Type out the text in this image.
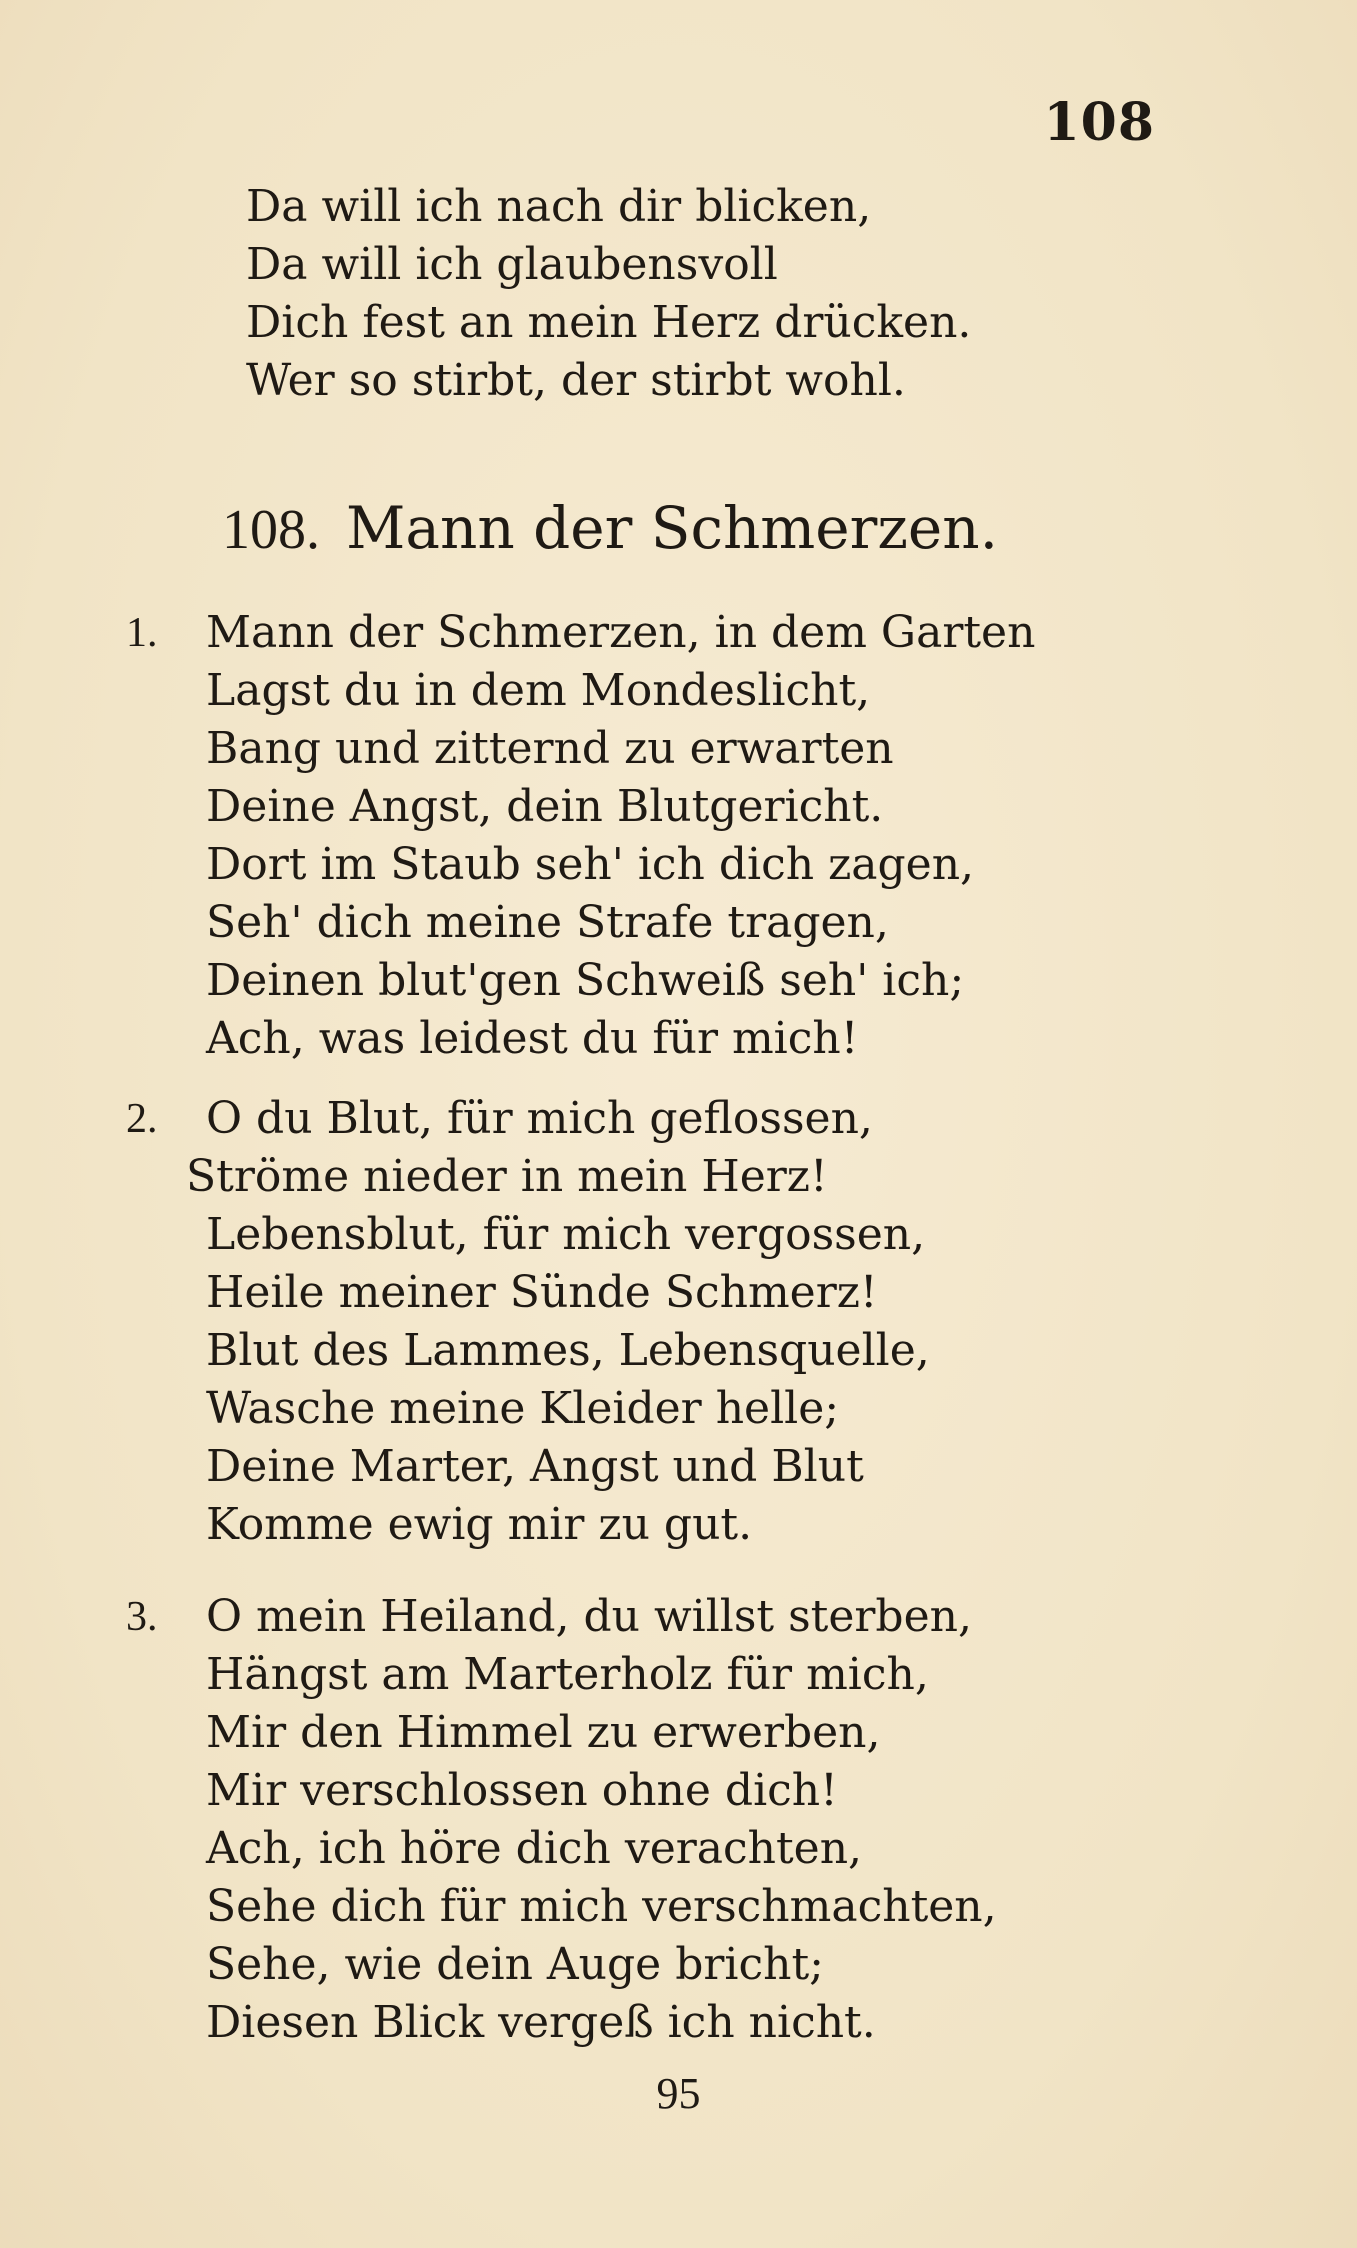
108
Da will ich nach dir blicken,
Da will ich glaubensvoll
Dich fest an mein Herz drücken.
Wer so stirbt, der stirbt wohl.
108. Mann der Schmerzen.
1. Mann der Schmerzen, in dem Garten
Lagst du in dem Mondeslicht,
Bang und zitternd zu erwarten
Deine Angst, dein Blutgericht.
Dort im Staub seh' ich dich zagen,
Seh' dich meine Strafe tragen,
Deinen blut'gen Schweiß seh' ich;
Ach, was leidest du für mich!
2. O du Blut, für mich geflossen,
Ströme nieder in mein Herz!
Lebensblut, für mich vergossen,
Heile meiner Sünde Schmerz!
Blut des Lammes, Lebensquelle,
Wasche meine Kleider helle;
Deine Marter, Angst und Blut
Komme ewig mir zu gut.
3. O mein Heiland, du willst sterben,
Hängst am Marterholz für mich,
Mir den Himmel zu erwerben,
Mir verschlossen ohne dich!
Ach, ich höre dich verachten,
Sehe dich für mich verschmachten,
Sehe, wie dein Auge bricht;
Diesen Blick vergeß ich nicht.
95
